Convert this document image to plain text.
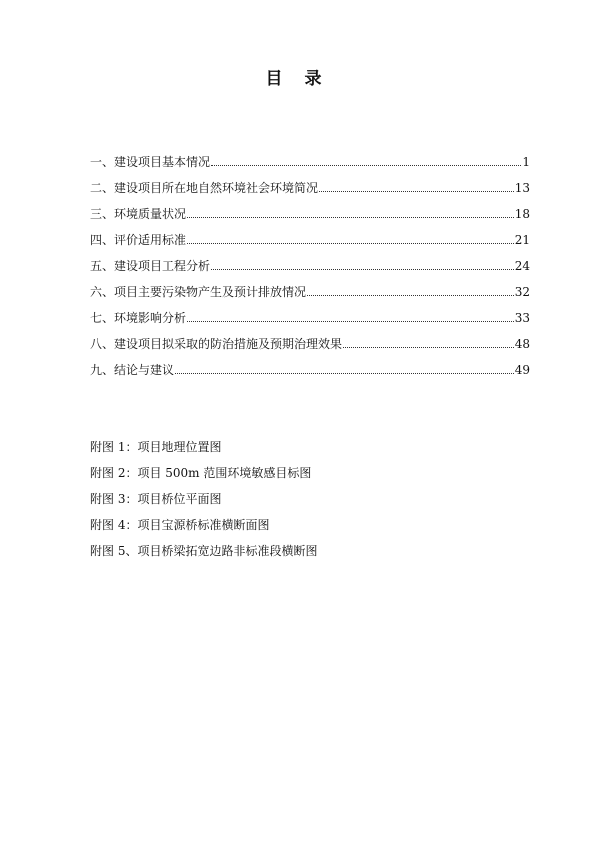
目 录
一、建设项目基本情况	1
二、建设项目所在地自然环境社会环境简况	13
三、环境质量状况	18
四、评价适用标准	21
五、建设项目工程分析	24
六、项目主要污染物产生及预计排放情况	32
七、环境影响分析	33
八、建设项目拟采取的防治措施及预期治理效果	48
九、结论与建议	49
附图 1：项目地理位置图
附图 2：项目 500m 范围环境敏感目标图
附图 3：项目桥位平面图
附图 4：项目宝源桥标准横断面图
附图 5、项目桥梁拓宽边路非标准段横断图
